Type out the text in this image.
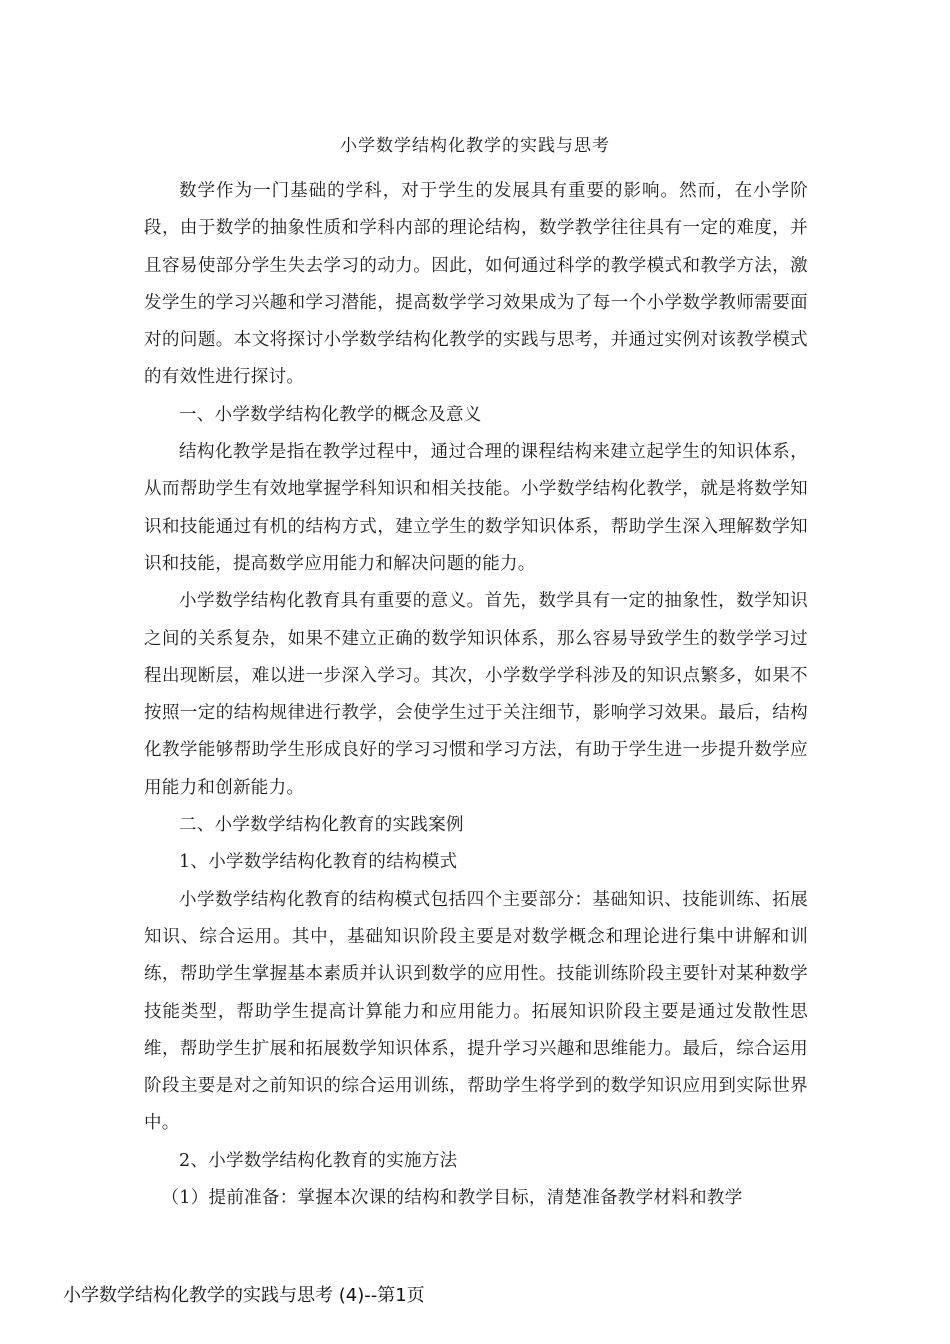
小学数学结构化教学的实践与思考

数学作为一门基础的学科，对于学生的发展具有重要的影响。然而，在小学阶段，由于数学的抽象性质和学科内部的理论结构，数学教学往往具有一定的难度，并且容易使部分学生失去学习的动力。因此，如何通过科学的教学模式和教学方法，激发学生的学习兴趣和学习潜能，提高数学学习效果成为了每一个小学数学教师需要面对的问题。本文将探讨小学数学结构化教学的实践与思考，并通过实例对该教学模式的有效性进行探讨。

一、小学数学结构化教学的概念及意义

结构化教学是指在教学过程中，通过合理的课程结构来建立起学生的知识体系，从而帮助学生有效地掌握学科知识和相关技能。小学数学结构化教学，就是将数学知识和技能通过有机的结构方式，建立学生的数学知识体系，帮助学生深入理解数学知识和技能，提高数学应用能力和解决问题的能力。

小学数学结构化教育具有重要的意义。首先，数学具有一定的抽象性，数学知识之间的关系复杂，如果不建立正确的数学知识体系，那么容易导致学生的数学学习过程出现断层，难以进一步深入学习。其次，小学数学学科涉及的知识点繁多，如果不按照一定的结构规律进行教学，会使学生过于关注细节，影响学习效果。最后，结构化教学能够帮助学生形成良好的学习习惯和学习方法，有助于学生进一步提升数学应用能力和创新能力。

二、小学数学结构化教育的实践案例

1、小学数学结构化教育的结构模式

小学数学结构化教育的结构模式包括四个主要部分：基础知识、技能训练、拓展知识、综合运用。其中，基础知识阶段主要是对数学概念和理论进行集中讲解和训练，帮助学生掌握基本素质并认识到数学的应用性。技能训练阶段主要针对某种数学技能类型，帮助学生提高计算能力和应用能力。拓展知识阶段主要是通过发散性思维，帮助学生扩展和拓展数学知识体系，提升学习兴趣和思维能力。最后，综合运用阶段主要是对之前知识的综合运用训练，帮助学生将学到的数学知识应用到实际世界中。

2、小学数学结构化教育的实施方法

（1）提前准备：掌握本次课的结构和教学目标，清楚准备教学材料和教学

小学数学结构化教学的实践与思考 (4)--第1页
